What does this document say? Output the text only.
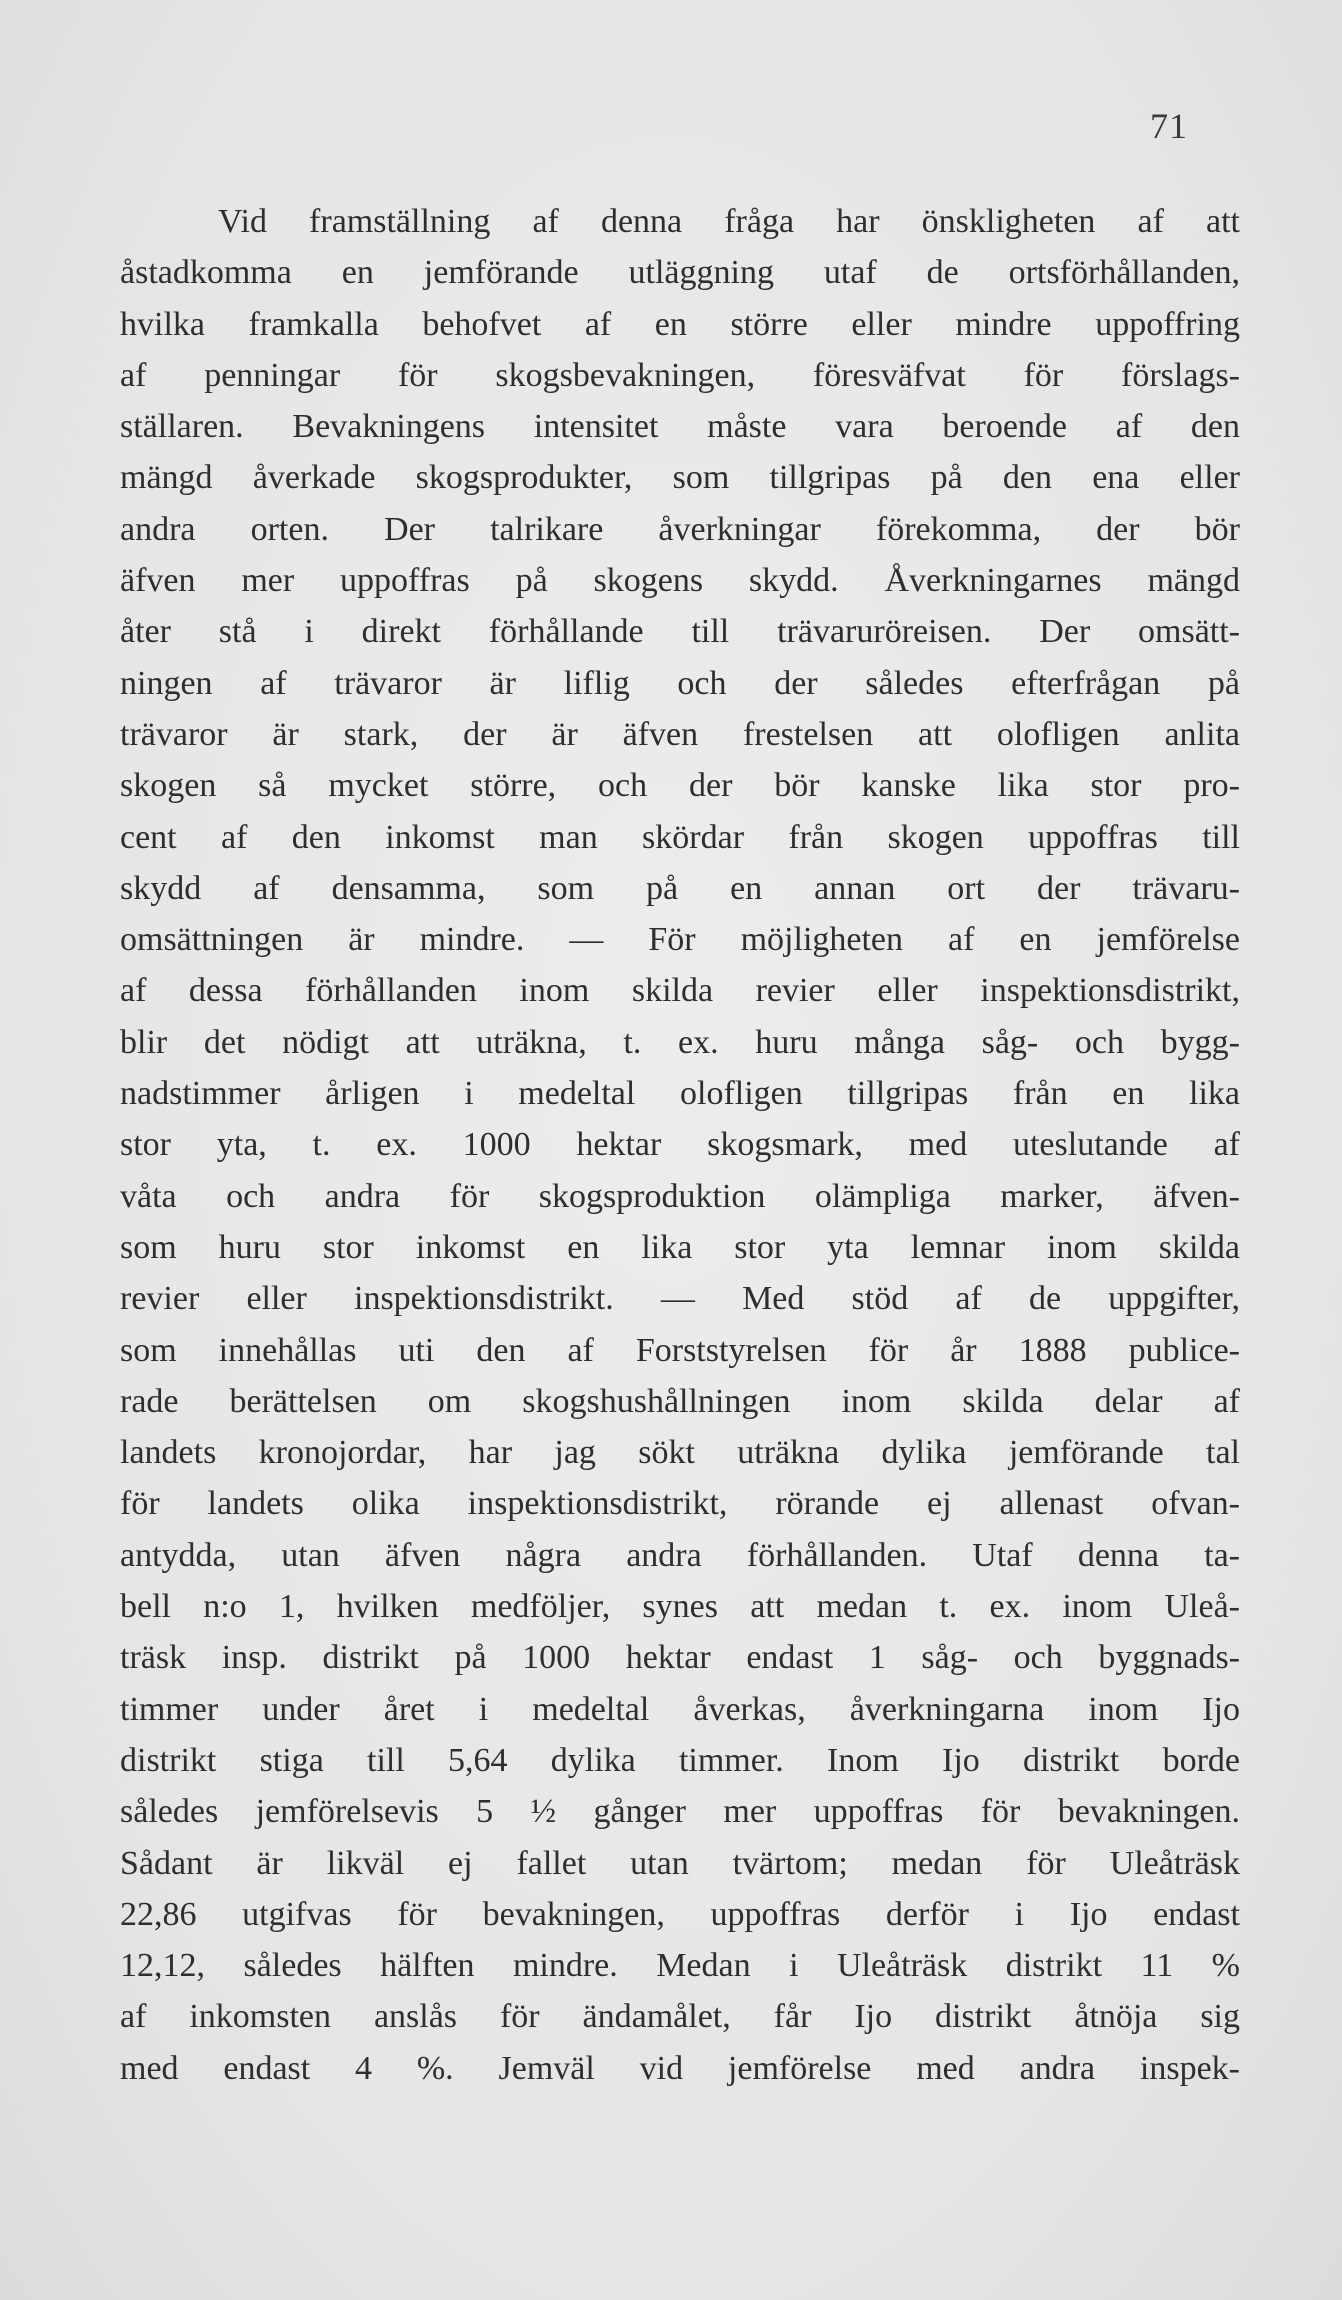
71
Vid framställning af denna fråga har önskligheten af att
åstadkomma en jemförande utläggning utaf de ortsförhållanden,
hvilka framkalla behofvet af en större eller mindre uppoffring
af penningar för skogsbevakningen, föresväfvat för förslags-
ställaren. Bevakningens intensitet måste vara beroende af den
mängd åverkade skogsprodukter, som tillgripas på den ena eller
andra orten. Der talrikare åverkningar förekomma, der bör
äfven mer uppoffras på skogens skydd. Åverkningarnes mängd
åter stå i direkt förhållande till trävaruröreisen. Der omsätt-
ningen af trävaror är liflig och der således efterfrågan på
trävaror är stark, der är äfven frestelsen att olofligen anlita
skogen så mycket större, och der bör kanske lika stor pro-
cent af den inkomst man skördar från skogen uppoffras till
skydd af densamma, som på en annan ort der trävaru-
omsättningen är mindre. — För möjligheten af en jemförelse
af dessa förhållanden inom skilda revier eller inspektionsdistrikt,
blir det nödigt att uträkna, t. ex. huru många såg- och bygg-
nadstimmer årligen i medeltal olofligen tillgripas från en lika
stor yta, t. ex. 1000 hektar skogsmark, med uteslutande af
våta och andra för skogsproduktion olämpliga marker, äfven-
som huru stor inkomst en lika stor yta lemnar inom skilda
revier eller inspektionsdistrikt. — Med stöd af de uppgifter,
som innehållas uti den af Forststyrelsen för år 1888 publice-
rade berättelsen om skogshushållningen inom skilda delar af
landets kronojordar, har jag sökt uträkna dylika jemförande tal
för landets olika inspektionsdistrikt, rörande ej allenast ofvan-
antydda, utan äfven några andra förhållanden. Utaf denna ta-
bell n:o 1, hvilken medföljer, synes att medan t. ex. inom Uleå-
träsk insp. distrikt på 1000 hektar endast 1 såg- och byggnads-
timmer under året i medeltal åverkas, åverkningarna inom Ijo
distrikt stiga till 5,64 dylika timmer. Inom Ijo distrikt borde
således jemförelsevis 5 ½ gånger mer uppoffras för bevakningen.
Sådant är likväl ej fallet utan tvärtom; medan för Uleåträsk
22,86 utgifvas för bevakningen, uppoffras derför i Ijo endast
12,12, således hälften mindre. Medan i Uleåträsk distrikt 11 %
af inkomsten anslås för ändamålet, får Ijo distrikt åtnöja sig
med endast 4 %. Jemväl vid jemförelse med andra inspek-
